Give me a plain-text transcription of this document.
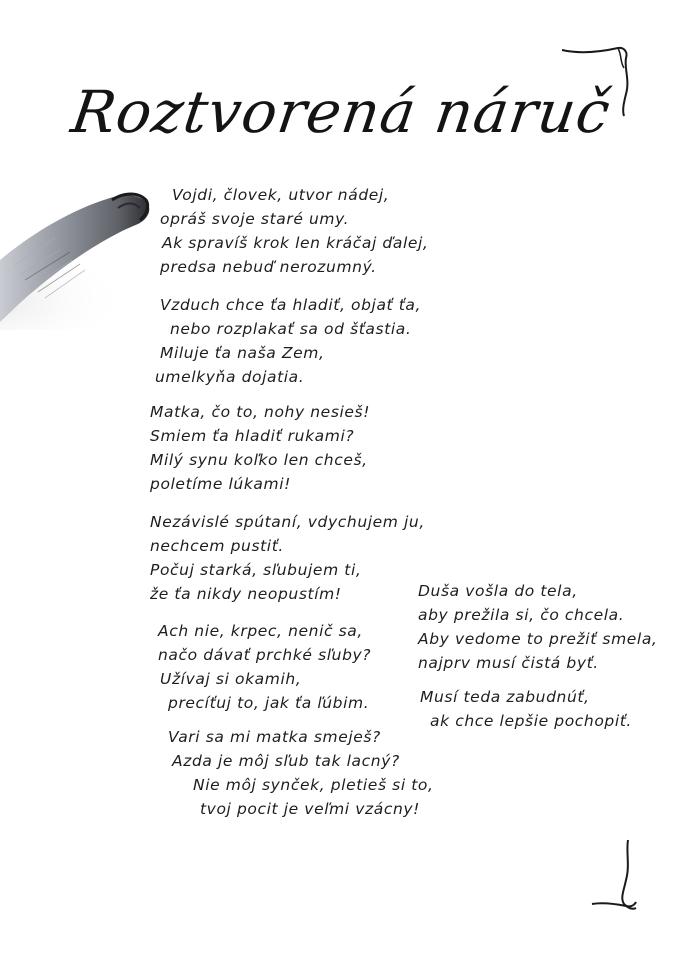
Roztvorená náruč
Vojdi, človek, utvor nádej,
opráš svoje staré umy.
Ak spravíš krok len kráčaj ďalej,
predsa nebuď nerozumný.
Vzduch chce ťa hladiť, objať ťa,
nebo rozplakať sa od šťastia.
Miluje ťa naša Zem,
umelkyňa dojatia.
Matka, čo to, nohy nesieš!
Smiem ťa hladiť rukami?
Milý synu koľko len chceš,
poletíme lúkami!
Nezávislé spútaní, vdychujem ju,
nechcem pustiť.
Počuj starká, sľubujem ti,
že ťa nikdy neopustím!
Ach nie, krpec, nenič sa,
načo dávať prchké sľuby?
Užívaj si okamih,
precíťuj to, jak ťa ľúbim.
Vari sa mi matka smeješ?
Azda je môj sľub tak lacný?
Nie môj synček, pletieš si to,
tvoj pocit je veľmi vzácny!
Duša vošla do tela,
aby prežila si, čo chcela.
Aby vedome to prežiť smela,
najprv musí čistá byť.
Musí teda zabudnúť,
ak chce lepšie pochopiť.
